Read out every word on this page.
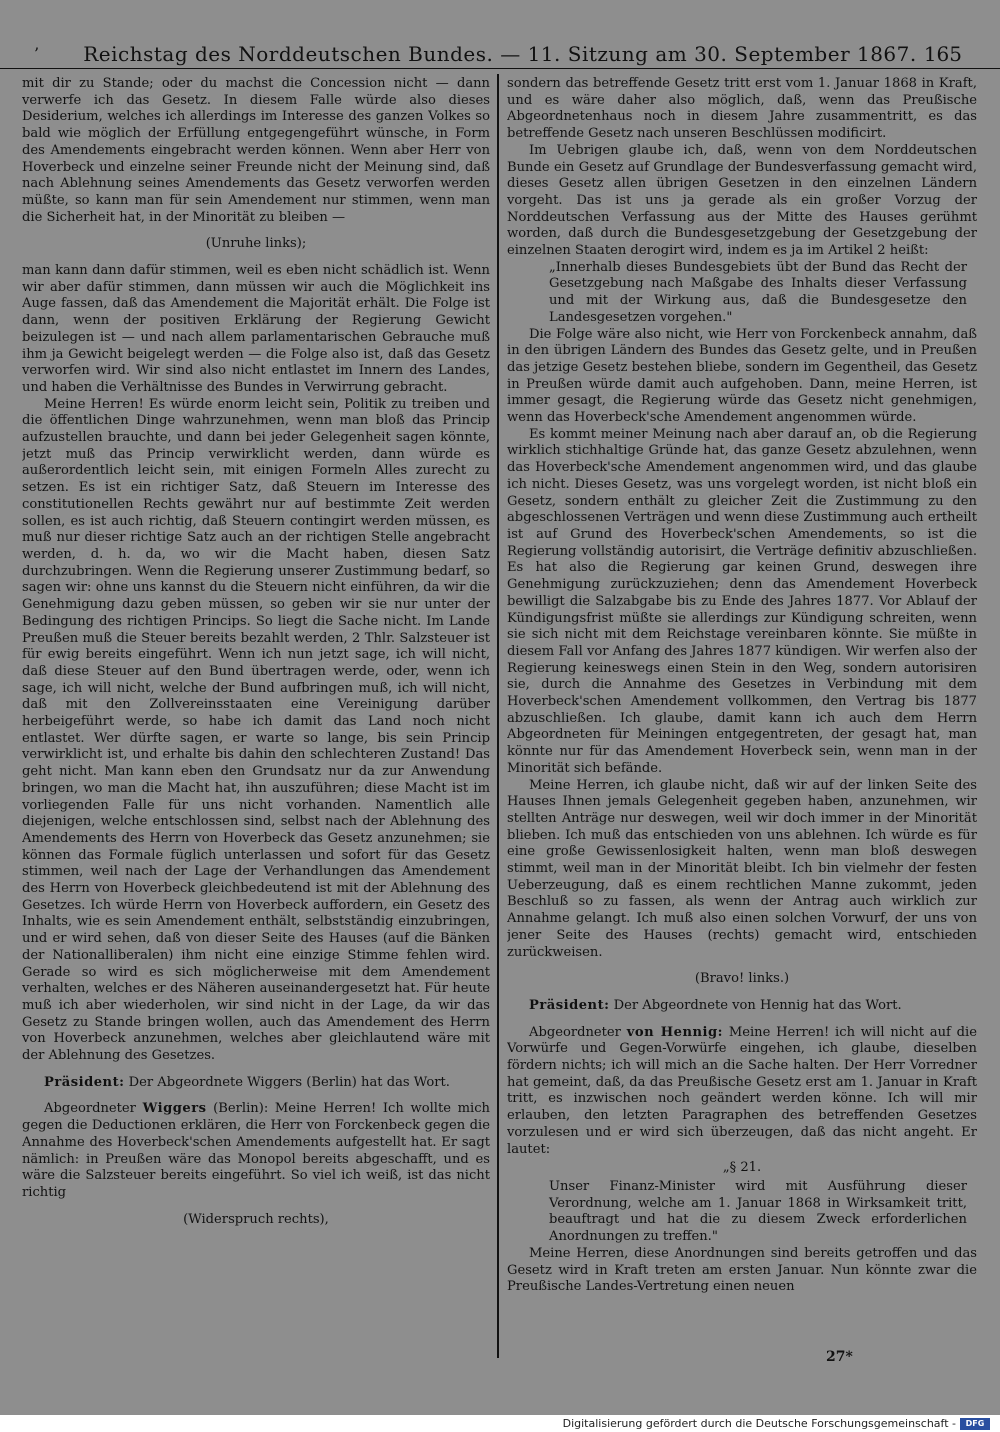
’	Reichstag des Norddeutschen Bundes. — 11. Sitzung am 30. September 1867. 165

mit dir zu Stande; oder du machst die Concession nicht — dann verwerfe ich das Gesetz. In diesem Falle würde also dieses Desiderium, welches ich allerdings im Interesse des ganzen Volkes so bald wie möglich der Erfüllung entgegengeführt wünsche, in Form des Amendements eingebracht werden können. Wenn aber Herr von Hoverbeck und einzelne seiner Freunde nicht der Meinung sind, daß nach Ablehnung seines Amendements das Gesetz verworfen werden müßte, so kann man für sein Amendement nur stimmen, wenn man die Sicherheit hat, in der Minorität zu bleiben —

(Unruhe links);

man kann dann dafür stimmen, weil es eben nicht schädlich ist. Wenn wir aber dafür stimmen, dann müssen wir auch die Möglichkeit ins Auge fassen, daß das Amendement die Majorität erhält. Die Folge ist dann, wenn der positiven Erklärung der Regierung Gewicht beizulegen ist — und nach allem parlamentarischen Gebrauche muß ihm ja Gewicht beigelegt werden — die Folge also ist, daß das Gesetz verworfen wird. Wir sind also nicht entlastet im Innern des Landes, und haben die Verhältnisse des Bundes in Verwirrung gebracht.

Meine Herren! Es würde enorm leicht sein, Politik zu treiben und die öffentlichen Dinge wahrzunehmen, wenn man bloß das Princip aufzustellen brauchte, und dann bei jeder Gelegenheit sagen könnte, jetzt muß das Princip verwirklicht werden, dann würde es außerordentlich leicht sein, mit einigen Formeln Alles zurecht zu setzen. Es ist ein richtiger Satz, daß Steuern im Interesse des constitutionellen Rechts gewährt nur auf bestimmte Zeit werden sollen, es ist auch richtig, daß Steuern contingirt werden müssen, es muß nur dieser richtige Satz auch an der richtigen Stelle angebracht werden, d. h. da, wo wir die Macht haben, diesen Satz durchzubringen. Wenn die Regierung unserer Zustimmung bedarf, so sagen wir: ohne uns kannst du die Steuern nicht einführen, da wir die Genehmigung dazu geben müssen, so geben wir sie nur unter der Bedingung des richtigen Princips. So liegt die Sache nicht. Im Lande Preußen muß die Steuer bereits bezahlt werden, 2 Thlr. Salzsteuer ist für ewig bereits eingeführt. Wenn ich nun jetzt sage, ich will nicht, daß diese Steuer auf den Bund übertragen werde, oder, wenn ich sage, ich will nicht, welche der Bund aufbringen muß, ich will nicht, daß mit den Zollvereinsstaaten eine Vereinigung darüber herbeigeführt werde, so habe ich damit das Land noch nicht entlastet. Wer dürfte sagen, er warte so lange, bis sein Princip verwirklicht ist, und erhalte bis dahin den schlechteren Zustand! Das geht nicht. Man kann eben den Grundsatz nur da zur Anwendung bringen, wo man die Macht hat, ihn auszuführen; diese Macht ist im vorliegenden Falle für uns nicht vorhanden. Namentlich alle diejenigen, welche entschlossen sind, selbst nach der Ablehnung des Amendements des Herrn von Hoverbeck das Gesetz anzunehmen; sie können das Formale füglich unterlassen und sofort für das Gesetz stimmen, weil nach der Lage der Verhandlungen das Amendement des Herrn von Hoverbeck gleichbedeutend ist mit der Ablehnung des Gesetzes. Ich würde Herrn von Hoverbeck auffordern, ein Gesetz des Inhalts, wie es sein Amendement enthält, selbstständig einzubringen, und er wird sehen, daß von dieser Seite des Hauses (auf die Bänken der Nationalliberalen) ihm nicht eine einzige Stimme fehlen wird. Gerade so wird es sich möglicherweise mit dem Amendement verhalten, welches er des Näheren auseinandergesetzt hat. Für heute muß ich aber wiederholen, wir sind nicht in der Lage, da wir das Gesetz zu Stande bringen wollen, auch das Amendement des Herrn von Hoverbeck anzunehmen, welches aber gleichlautend wäre mit der Ablehnung des Gesetzes.

Präsident: Der Abgeordnete Wiggers (Berlin) hat das Wort.

Abgeordneter Wiggers (Berlin): Meine Herren! Ich wollte mich gegen die Deductionen erklären, die Herr von Forckenbeck gegen die Annahme des Hoverbeck'schen Amendements aufgestellt hat. Er sagt nämlich: in Preußen wäre das Monopol bereits abgeschafft, und es wäre die Salzsteuer bereits eingeführt. So viel ich weiß, ist das nicht richtig

(Widerspruch rechts),

sondern das betreffende Gesetz tritt erst vom 1. Januar 1868 in Kraft, und es wäre daher also möglich, daß, wenn das Preußische Abgeordnetenhaus noch in diesem Jahre zusammentritt, es das betreffende Gesetz nach unseren Beschlüssen modificirt.

Im Uebrigen glaube ich, daß, wenn von dem Norddeutschen Bunde ein Gesetz auf Grundlage der Bundesverfassung gemacht wird, dieses Gesetz allen übrigen Gesetzen in den einzelnen Ländern vorgeht. Das ist uns ja gerade als ein großer Vorzug der Norddeutschen Verfassung aus der Mitte des Hauses gerühmt worden, daß durch die Bundesgesetzgebung der Gesetzgebung der einzelnen Staaten derogirt wird, indem es ja im Artikel 2 heißt:

„Innerhalb dieses Bundesgebiets übt der Bund das Recht der Gesetzgebung nach Maßgabe des Inhalts dieser Verfassung und mit der Wirkung aus, daß die Bundesgesetze den Landesgesetzen vorgehen."

Die Folge wäre also nicht, wie Herr von Forckenbeck annahm, daß in den übrigen Ländern des Bundes das Gesetz gelte, und in Preußen das jetzige Gesetz bestehen bliebe, sondern im Gegentheil, das Gesetz in Preußen würde damit auch aufgehoben. Dann, meine Herren, ist immer gesagt, die Regierung würde das Gesetz nicht genehmigen, wenn das Hoverbeck'sche Amendement angenommen würde.

Es kommt meiner Meinung nach aber darauf an, ob die Regierung wirklich stichhaltige Gründe hat, das ganze Gesetz abzulehnen, wenn das Hoverbeck'sche Amendement angenommen wird, und das glaube ich nicht. Dieses Gesetz, was uns vorgelegt worden, ist nicht bloß ein Gesetz, sondern enthält zu gleicher Zeit die Zustimmung zu den abgeschlossenen Verträgen und wenn diese Zustimmung auch ertheilt ist auf Grund des Hoverbeck'schen Amendements, so ist die Regierung vollständig autorisirt, die Verträge definitiv abzuschließen. Es hat also die Regierung gar keinen Grund, deswegen ihre Genehmigung zurückzuziehen; denn das Amendement Hoverbeck bewilligt die Salzabgabe bis zu Ende des Jahres 1877. Vor Ablauf der Kündigungsfrist müßte sie allerdings zur Kündigung schreiten, wenn sie sich nicht mit dem Reichstage vereinbaren könnte. Sie müßte in diesem Fall vor Anfang des Jahres 1877 kündigen. Wir werfen also der Regierung keineswegs einen Stein in den Weg, sondern autorisiren sie, durch die Annahme des Gesetzes in Verbindung mit dem Hoverbeck'schen Amendement vollkommen, den Vertrag bis 1877 abzuschließen. Ich glaube, damit kann ich auch dem Herrn Abgeordneten für Meiningen entgegentreten, der gesagt hat, man könnte nur für das Amendement Hoverbeck sein, wenn man in der Minorität sich befände.

Meine Herren, ich glaube nicht, daß wir auf der linken Seite des Hauses Ihnen jemals Gelegenheit gegeben haben, anzunehmen, wir stellten Anträge nur deswegen, weil wir doch immer in der Minorität blieben. Ich muß das entschieden von uns ablehnen. Ich würde es für eine große Gewissenlosigkeit halten, wenn man bloß deswegen stimmt, weil man in der Minorität bleibt. Ich bin vielmehr der festen Ueberzeugung, daß es einem rechtlichen Manne zukommt, jeden Beschluß so zu fassen, als wenn der Antrag auch wirklich zur Annahme gelangt. Ich muß also einen solchen Vorwurf, der uns von jener Seite des Hauses (rechts) gemacht wird, entschieden zurückweisen.

(Bravo! links.)

Präsident: Der Abgeordnete von Hennig hat das Wort.

Abgeordneter von Hennig: Meine Herren! ich will nicht auf die Vorwürfe und Gegen-Vorwürfe eingehen, ich glaube, dieselben fördern nichts; ich will mich an die Sache halten. Der Herr Vorredner hat gemeint, daß, da das Preußische Gesetz erst am 1. Januar in Kraft tritt, es inzwischen noch geändert werden könne. Ich will mir erlauben, den letzten Paragraphen des betreffenden Gesetzes vorzulesen und er wird sich überzeugen, daß das nicht angeht. Er lautet:

„§ 21.

Unser Finanz-Minister wird mit Ausführung dieser Verordnung, welche am 1. Januar 1868 in Wirksamkeit tritt, beauftragt und hat die zu diesem Zweck erforderlichen Anordnungen zu treffen."

Meine Herren, diese Anordnungen sind bereits getroffen und das Gesetz wird in Kraft treten am ersten Januar. Nun könnte zwar die Preußische Landes-Vertretung einen neuen

27*
Digitalisierung gefördert durch die Deutsche Forschungsgemeinschaft -	DFG
